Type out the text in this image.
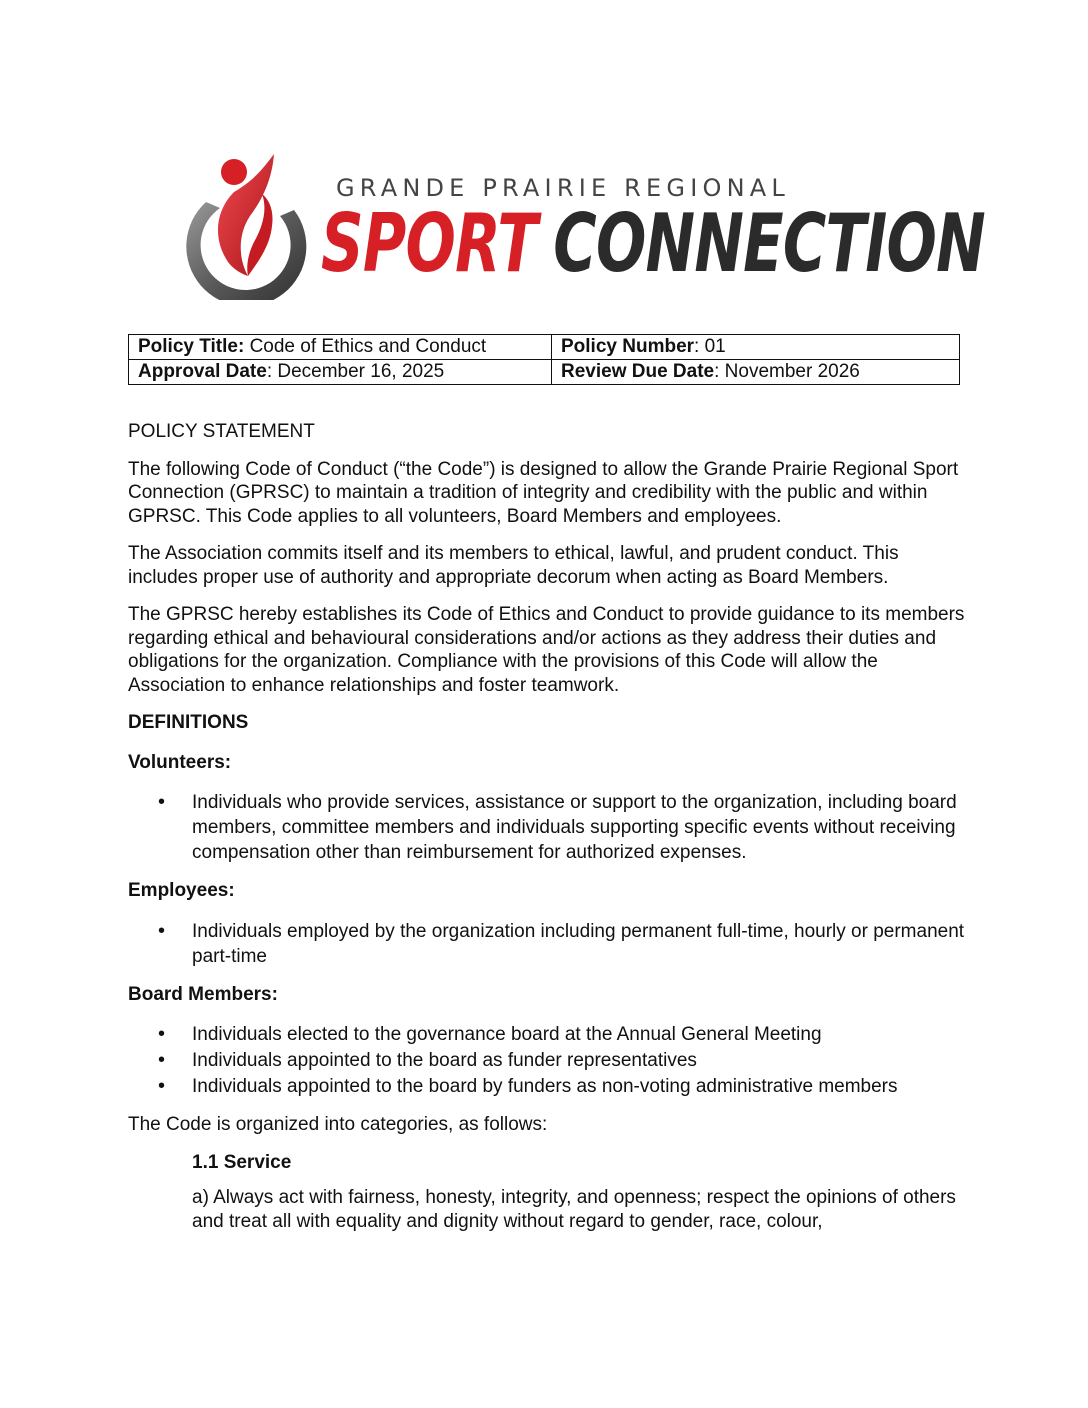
GRANDE PRAIRIE REGIONAL
SPORT CONNECTION
Policy Title: Code of Ethics and Conduct	Policy Number: 01
Approval Date: December 16, 2025	Review Due Date: November 2026

POLICY STATEMENT

The following Code of Conduct (“the Code”) is designed to allow the Grande Prairie Regional Sport Connection (GPRSC) to maintain a tradition of integrity and credibility with the public and within GPRSC. This Code applies to all volunteers, Board Members and employees.

The Association commits itself and its members to ethical, lawful, and prudent conduct. This includes proper use of authority and appropriate decorum when acting as Board Members.

The GPRSC hereby establishes its Code of Ethics and Conduct to provide guidance to its members regarding ethical and behavioural considerations and/or actions as they address their duties and obligations for the organization. Compliance with the provisions of this Code will allow the Association to enhance relationships and foster teamwork.

DEFINITIONS

Volunteers:

• Individuals who provide services, assistance or support to the organization, including board members, committee members and individuals supporting specific events without receiving compensation other than reimbursement for authorized expenses.

Employees:

• Individuals employed by the organization including permanent full-time, hourly or permanent part-time

Board Members:

• Individuals elected to the governance board at the Annual General Meeting
• Individuals appointed to the board as funder representatives
• Individuals appointed to the board by funders as non-voting administrative members

The Code is organized into categories, as follows:

1.1 Service

a) Always act with fairness, honesty, integrity, and openness; respect the opinions of others and treat all with equality and dignity without regard to gender, race, colour,
